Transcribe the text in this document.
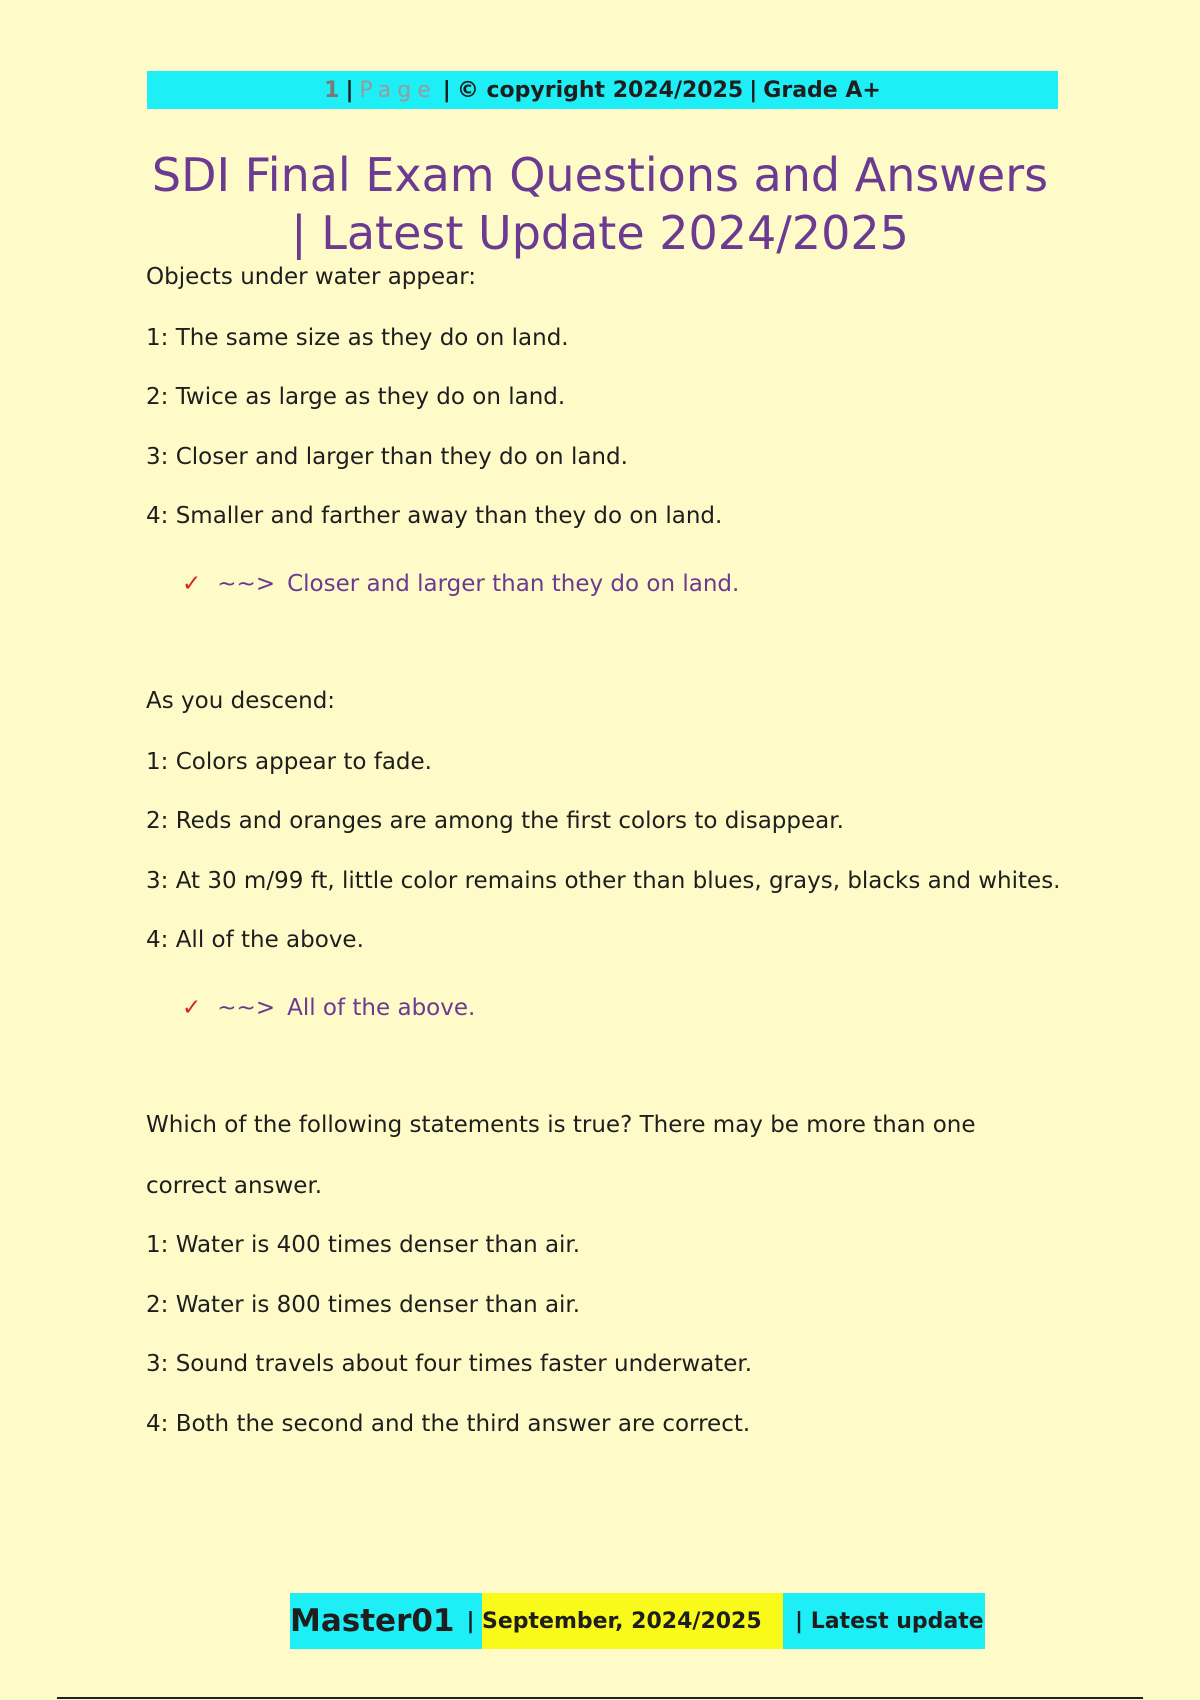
1 | Page | © copyright 2024/2025 | Grade A+
SDI Final Exam Questions and Answers
| Latest Update 2024/2025
Objects under water appear:
1: The same size as they do on land.
2: Twice as large as they do on land.
3: Closer and larger than they do on land.
4: Smaller and farther away than they do on land.
✓ ~~> Closer and larger than they do on land.
As you descend:
1: Colors appear to fade.
2: Reds and oranges are among the first colors to disappear.
3: At 30 m/99 ft, little color remains other than blues, grays, blacks and whites.
4: All of the above.
✓ ~~> All of the above.
Which of the following statements is true? There may be more than one
correct answer.
1: Water is 400 times denser than air.
2: Water is 800 times denser than air.
3: Sound travels about four times faster underwater.
4: Both the second and the third answer are correct.
Master01 | September, 2024/2025 | Latest update
